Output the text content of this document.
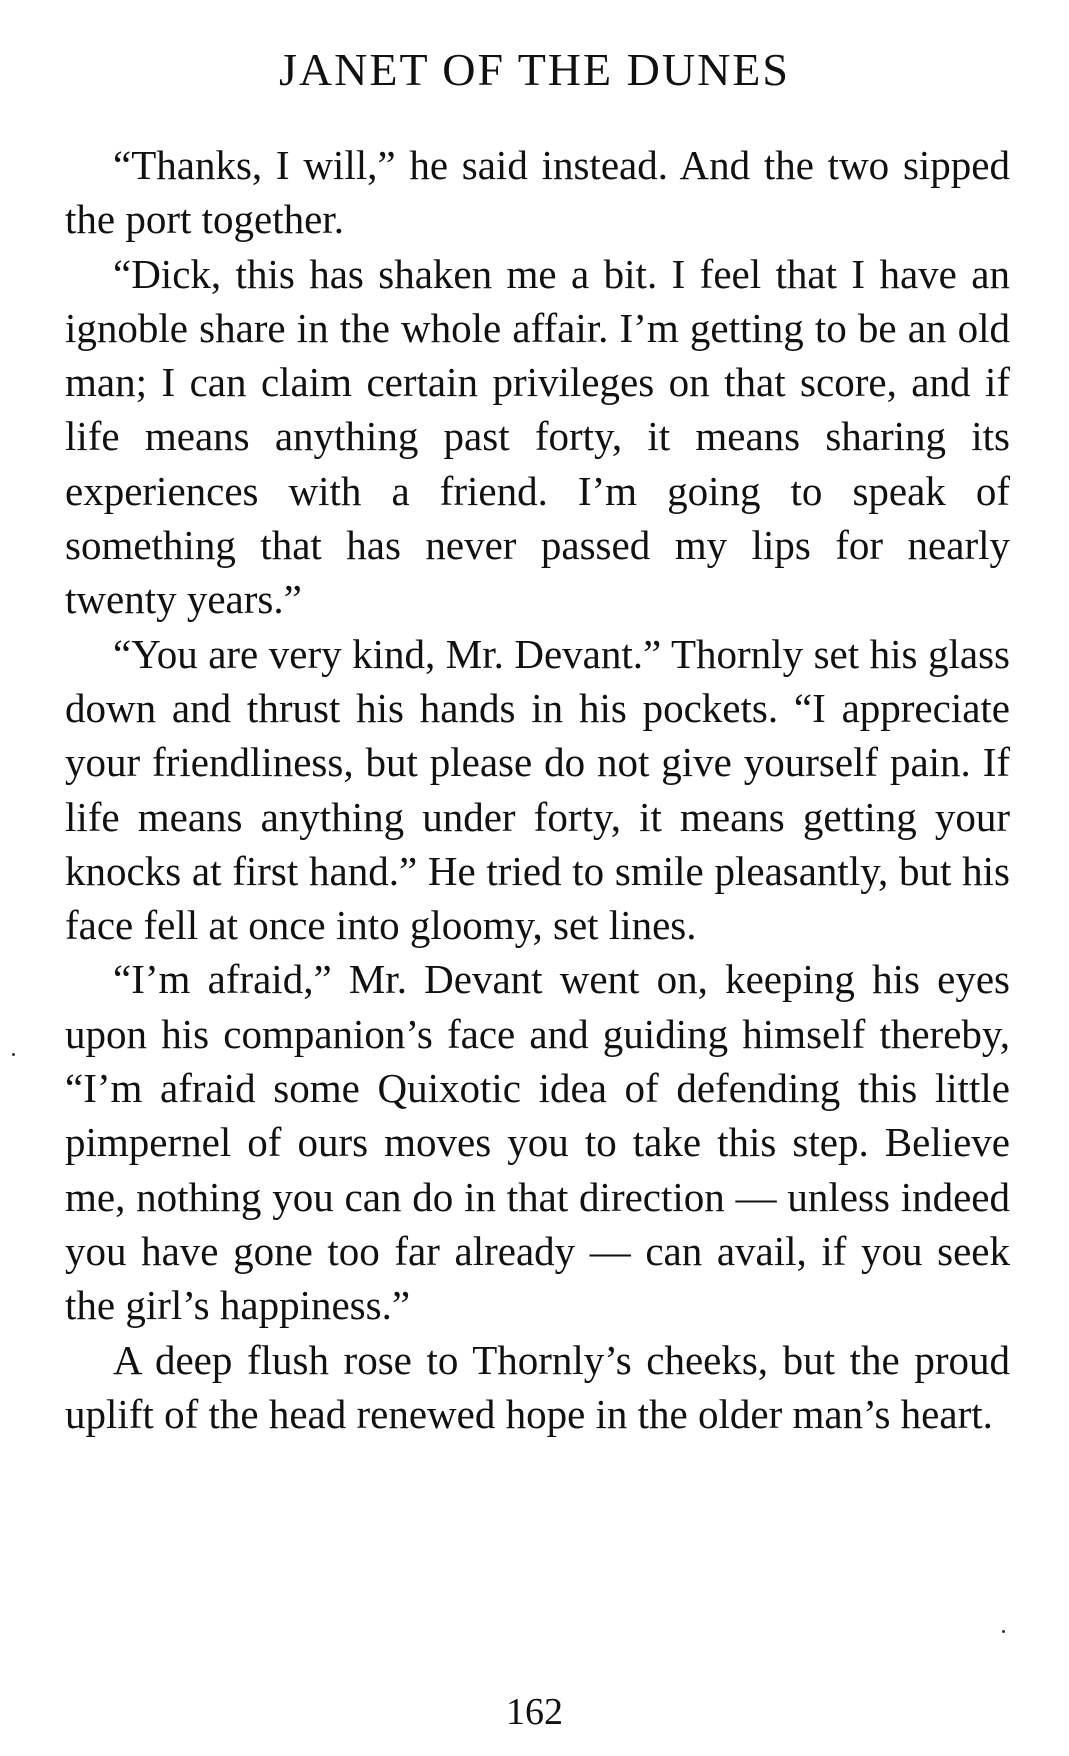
JANET OF THE DUNES

“Thanks, I will,” he said instead. And the two sipped the port together.

“Dick, this has shaken me a bit. I feel that I have an ignoble share in the whole affair. I’m getting to be an old man; I can claim certain privileges on that score, and if life means anything past forty, it means sharing its experiences with a friend. I’m going to speak of something that has never passed my lips for nearly twenty years.”

“You are very kind, Mr. Devant.” Thornly set his glass down and thrust his hands in his pockets. “I appreciate your friendliness, but please do not give yourself pain. If life means anything under forty, it means getting your knocks at first hand.” He tried to smile pleasantly, but his face fell at once into gloomy, set lines.

“I’m afraid,” Mr. Devant went on, keeping his eyes upon his companion’s face and guiding himself thereby, “I’m afraid some Quixotic idea of defending this little pimpernel of ours moves you to take this step. Believe me, nothing you can do in that direction — unless indeed you have gone too far already — can avail, if you seek the girl’s happiness.”

A deep flush rose to Thornly’s cheeks, but the proud uplift of the head renewed hope in the older man’s heart.

162
